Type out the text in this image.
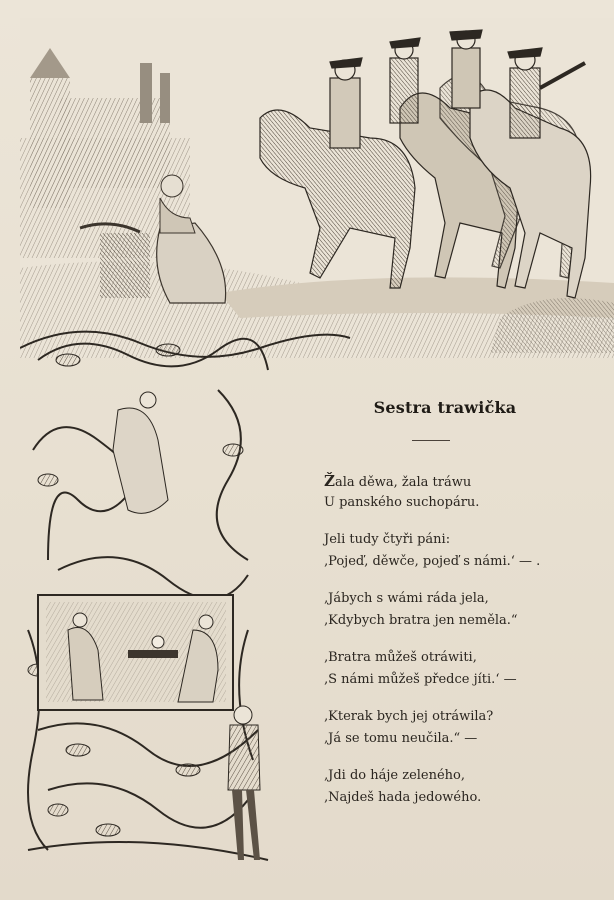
Sestra trawička
Žala děwa, žala tráwu
U panského suchopáru.
Jeli tudy čtyři páni:
‚Pojeď, děwče, pojeď s námi.‘ — .
‚Jábych s wámi ráda jela,
‚Kdybych bratra jen neměla.“
‚Bratra můžeš otráwiti,
‚S námi můžeš předce jíti.‘ —
‚Kterak bych jej otráwila?
‚Já se tomu neučila.“ —
‚Jdi do háje zeleného,
‚Najdeš hada jedowého.
